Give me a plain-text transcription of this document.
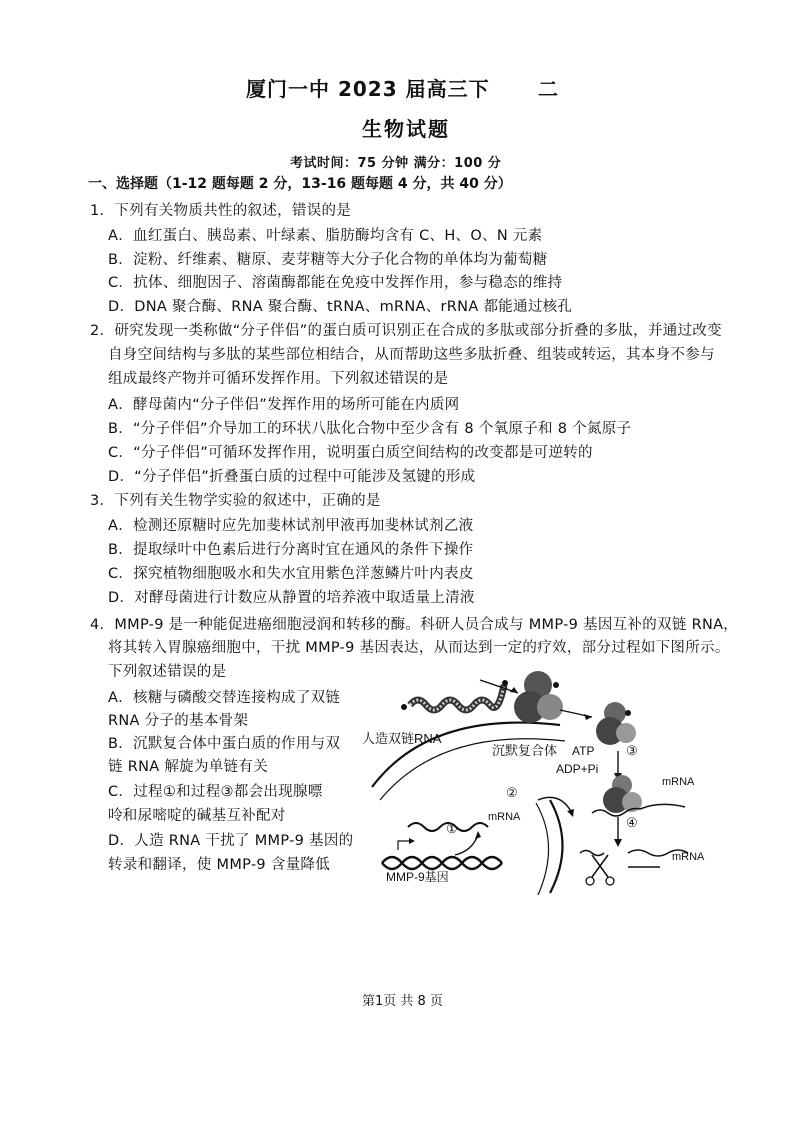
厦门一中 2023 届高三下 二
生物试题
考试时间：75 分钟 满分：100 分
一、选择题（1-12 题每题 2 分，13-16 题每题 4 分，共 40 分）
1．下列有关物质共性的叙述，错误的是
A．血红蛋白、胰岛素、叶绿素、脂肪酶均含有 C、H、O、N 元素
B．淀粉、纤维素、糖原、麦芽糖等大分子化合物的单体均为葡萄糖
C．抗体、细胞因子、溶菌酶都能在免疫中发挥作用，参与稳态的维持
D．DNA 聚合酶、RNA 聚合酶、tRNA、mRNA、rRNA 都能通过核孔
2．研究发现一类称做“分子伴侣”的蛋白质可识别正在合成的多肽或部分折叠的多肽，并通过改变
自身空间结构与多肽的某些部位相结合，从而帮助这些多肽折叠、组装或转运，其本身不参与
组成最终产物并可循环发挥作用。下列叙述错误的是
A．酵母菌内“分子伴侣”发挥作用的场所可能在内质网
B．“分子伴侣”介导加工的环状八肽化合物中至少含有 8 个氧原子和 8 个氮原子
C．“分子伴侣”可循环发挥作用，说明蛋白质空间结构的改变都是可逆转的
D．“分子伴侣”折叠蛋白质的过程中可能涉及氢键的形成
3．下列有关生物学实验的叙述中，正确的是
A．检测还原糖时应先加斐林试剂甲液再加斐林试剂乙液
B．提取绿叶中色素后进行分离时宜在通风的条件下操作
C．探究植物细胞吸水和失水宜用紫色洋葱鳞片叶内表皮
D．对酵母菌进行计数应从静置的培养液中取适量上清液
4．MMP-9 是一种能促进癌细胞浸润和转移的酶。科研人员合成与 MMP-9 基因互补的双链 RNA，
将其转入胃腺癌细胞中，干扰 MMP-9 基因表达，从而达到一定的疗效，部分过程如下图所示。
下列叙述错误的是
A．核糖与磷酸交替连接构成了双链
RNA 分子的基本骨架
B．沉默复合体中蛋白质的作用与双
链 RNA 解旋为单链有关
C．过程①和过程③都会出现腺嘌
呤和尿嘧啶的碱基互补配对
D．人造 RNA 干扰了 MMP-9 基因的
转录和翻译，使 MMP-9 含量降低
人造双链RNA
沉默复合体 ATP
ADP+Pi
mRNA
mRNA
mRNA
MMP-9基因
①
②
③
④
第1页 共 8 页
